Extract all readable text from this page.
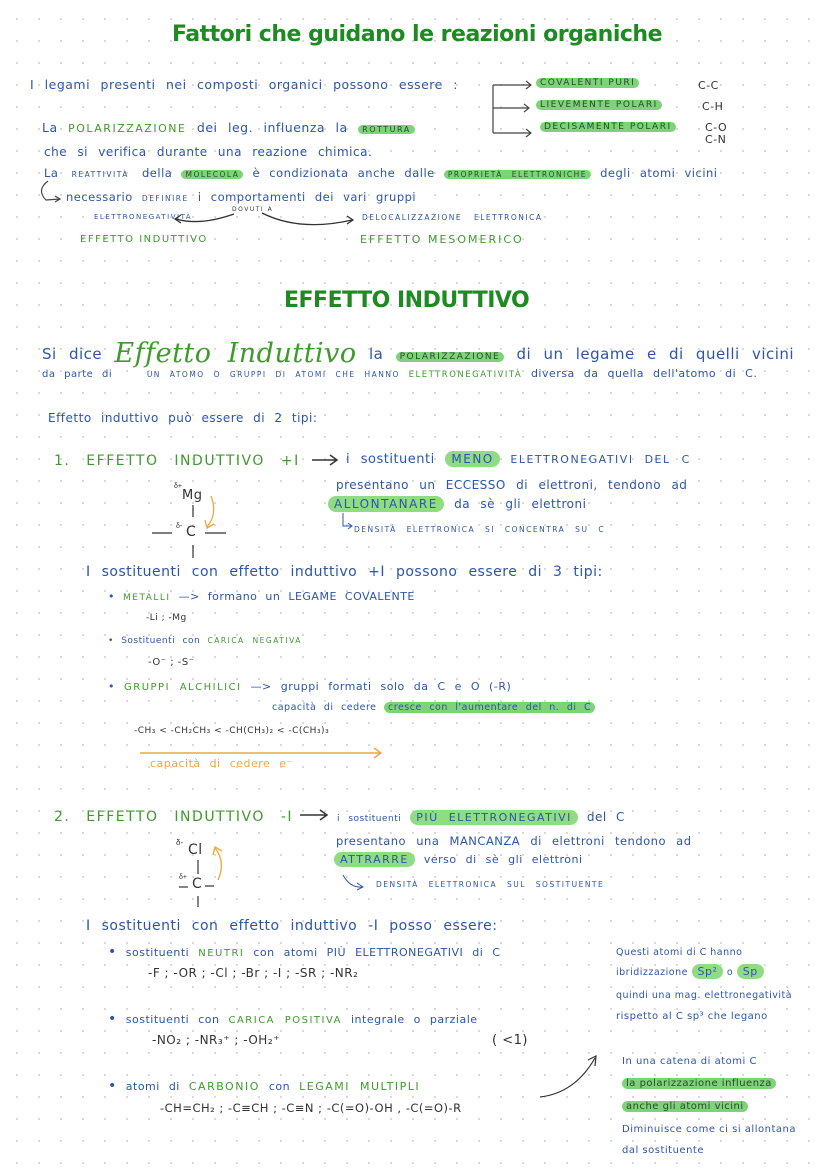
Fattori che guidano le reazioni organiche
I legami presenti nei composti organici possono essere :	COVALENTI PURI	C-C
LIEVEMENTE POLARI	C-H
DECISAMENTE POLARI	C-O
C-N
La POLARIZZAZIONE dei leg. influenza la ROTTURA
che si verifica durante una reazione chimica.
La REATTIVITÀ della MOLECOLA è condizionata anche dalle PROPRIETÀ ELETTRONICHE degli atomi vicini
necessario DEFINIRE i comportamenti dei vari gruppi
DOVUTI A
ELETTRONEGATIVITÀ	DELOCALIZZAZIONE ELETTRONICA
EFFETTO INDUTTIVO	EFFETTO MESOMERICO
EFFETTO INDUTTIVO
Si dice Effetto Induttivo la POLARIZZAZIONE di un legame e di quelli vicini
da parte di	UN ATOMO O GRUPPI DI ATOMI CHE HANNO ELETTRONEGATIVITÀ diversa da quella dell'atomo di C.
Effetto induttivo può essere di 2 tipi:
1. EFFETTO INDUTTIVO +I	i sostituenti MENO ELETTRONEGATIVI DEL C
presentano un ECCESSO di elettroni, tendono ad
ALLONTANARE da sè gli elettroni
DENSITÀ ELETTRONICA SI CONCENTRA SU C
δ+
Mg
δ- C
I sostituenti con effetto induttivo +I possono essere di 3 tipi:
• METALLI —> formano un LEGAME COVALENTE
-Li ; -Mg
• Sostituenti con CARICA NEGATIVA
-O⁻ ; -S⁻
• GRUPPI ALCHILICI —> gruppi formati solo da C e O (-R)
capacità di cedere cresce con l'aumentare del n. di C
-CH₃ < -CH₂CH₃ < -CH(CH₃)₂ < -C(CH₃)₃
capacità di cedere e⁻
2. EFFETTO INDUTTIVO -I	i sostituenti PIÙ ELETTRONEGATIVI del C
presentano una MANCANZA di elettroni tendono ad
ATTRARRE verso di sè gli elettroni
DENSITÀ ELETTRONICA SUL SOSTITUENTE
δ- Cl
δ+ C
I sostituenti con effetto induttivo -I posso essere:
• sostituenti NEUTRI con atomi PIÙ ELETTRONEGATIVI di C
-F ; -OR ; -Cl ; -Br ; -I ; -SR ; -NR₂
• sostituenti con CARICA POSITIVA integrale o parziale
-NO₂ ; -NR₃⁺ ; -OH₂⁺	( <1)
• atomi di CARBONIO con LEGAMI MULTIPLI
-CH=CH₂ ; -C≡CH ; -C≡N ; -C(=O)-OH , -C(=O)-R
Questi atomi di C hanno
ibridizzazione Sp² o Sp
quindi una mag. elettronegatività
rispetto al C sp³ che legano
In una catena di atomi C
la polarizzazione influenza
anche gli atomi vicini
Diminuisce come ci si allontana
dal sostituente
